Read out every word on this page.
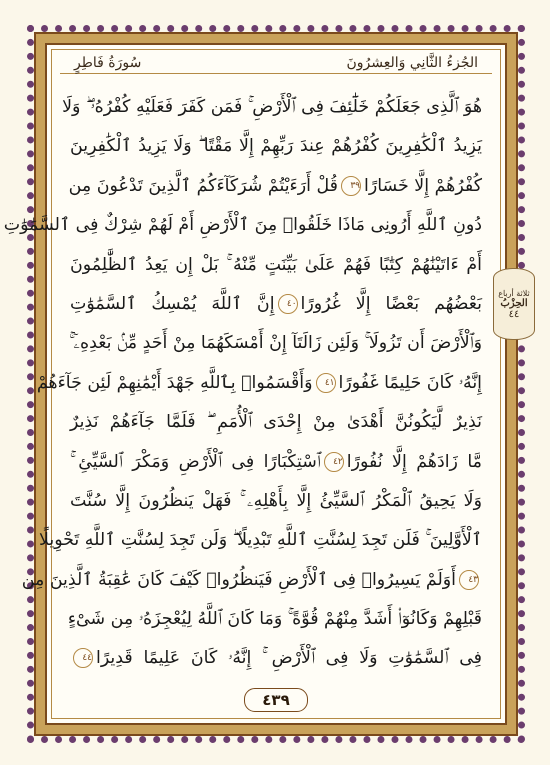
سُورَةُ فَاطِرٍ	الجُزءُ الثَّانِي وَالعِشرُونَ
هُوَ ٱلَّذِى جَعَلَكُمْ خَلَٰٓئِفَ فِى ٱلْأَرْضِ ۚ فَمَن كَفَرَ فَعَلَيْهِ كُفْرُهُۥ ۖ وَلَا
يَزِيدُ ٱلْكَٰفِرِينَ كُفْرُهُمْ عِندَ رَبِّهِمْ إِلَّا مَقْتًا ۖ وَلَا يَزِيدُ ٱلْكَٰفِرِينَ
كُفْرُهُمْ إِلَّا خَسَارًا٣٩قُلْ أَرَءَيْتُمْ شُرَكَآءَكُمُ ٱلَّذِينَ تَدْعُونَ مِن
دُونِ ٱللَّهِ أَرُونِى مَاذَا خَلَقُوا۟ مِنَ ٱلْأَرْضِ أَمْ لَهُمْ شِرْكٌ فِى ٱلسَّمَٰوَٰتِ
أَمْ ءَاتَيْنَٰهُمْ كِتَٰبًا فَهُمْ عَلَىٰ بَيِّنَتٍ مِّنْهُ ۚ بَلْ إِن يَعِدُ ٱلظَّٰلِمُونَ
بَعْضُهُم بَعْضًا إِلَّا غُرُورًا٤٠إِنَّ ٱللَّهَ يُمْسِكُ ٱلسَّمَٰوَٰتِ
وَٱلْأَرْضَ أَن تَزُولَا ۚ وَلَئِن زَالَتَآ إِنْ أَمْسَكَهُمَا مِنْ أَحَدٍ مِّنۢ بَعْدِهِۦٓ ۚ
إِنَّهُۥ كَانَ حَلِيمًا غَفُورًا٤١وَأَقْسَمُوا۟ بِٱللَّهِ جَهْدَ أَيْمَٰنِهِمْ لَئِن جَآءَهُمْ
نَذِيرٌ لَّيَكُونُنَّ أَهْدَىٰ مِنْ إِحْدَى ٱلْأُمَمِ ۖ فَلَمَّا جَآءَهُمْ نَذِيرٌ
مَّا زَادَهُمْ إِلَّا نُفُورًا٤٢ٱسْتِكْبَارًا فِى ٱلْأَرْضِ وَمَكْرَ ٱلسَّيِّئِ ۚ
وَلَا يَحِيقُ ٱلْمَكْرُ ٱلسَّيِّئُ إِلَّا بِأَهْلِهِۦ ۚ فَهَلْ يَنظُرُونَ إِلَّا سُنَّتَ
ٱلْأَوَّلِينَ ۚ فَلَن تَجِدَ لِسُنَّتِ ٱللَّهِ تَبْدِيلًا ۖ وَلَن تَجِدَ لِسُنَّتِ ٱللَّهِ تَحْوِيلًا
٤٣أَوَلَمْ يَسِيرُوا۟ فِى ٱلْأَرْضِ فَيَنظُرُوا۟ كَيْفَ كَانَ عَٰقِبَةُ ٱلَّذِينَ مِن
قَبْلِهِمْ وَكَانُوٓا۟ أَشَدَّ مِنْهُمْ قُوَّةً ۚ وَمَا كَانَ ٱللَّهُ لِيُعْجِزَهُۥ مِن شَىْءٍ
فِى ٱلسَّمَٰوَٰتِ وَلَا فِى ٱلْأَرْضِ ۚ إِنَّهُۥ كَانَ عَلِيمًا قَدِيرًا٤٤
ثلاثة أرباع
الحِزْبُ
٤٤
٤٣٩
